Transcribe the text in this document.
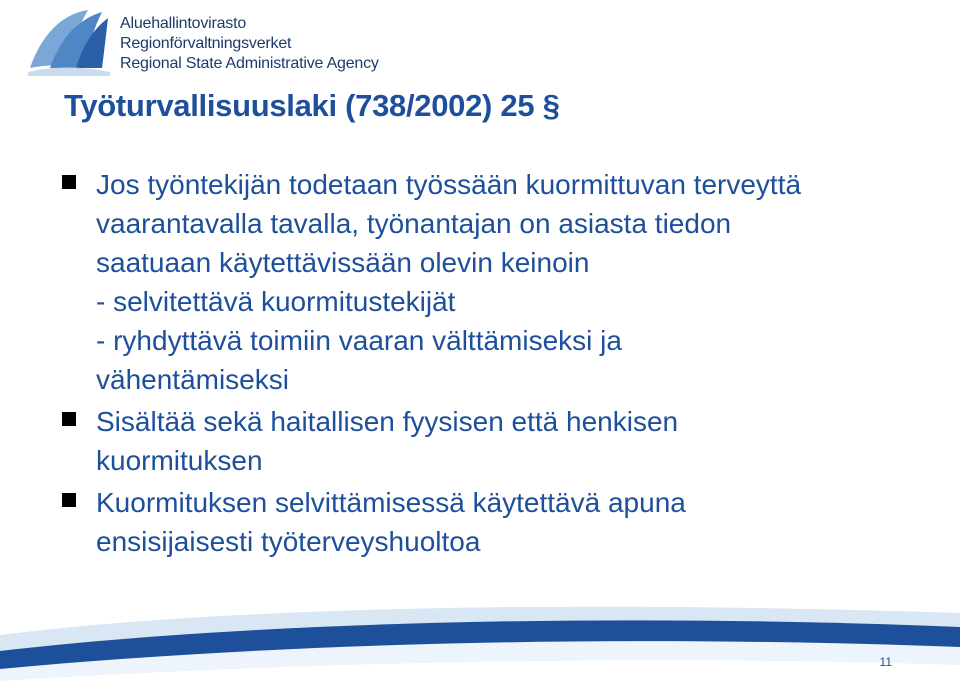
Aluehallintovirasto
Regionförvaltningsverket
Regional State Administrative Agency
Työturvallisuuslaki (738/2002) 25 §
Jos työntekijän todetaan työssään kuormittuvan terveyttä
vaarantavalla tavalla, työnantajan on asiasta tiedon
saatuaan käytettävissään olevin keinoin
- selvitettävä kuormitustekijät
- ryhdyttävä toimiin vaaran välttämiseksi ja
vähentämiseksi
Sisältää sekä haitallisen fyysisen että henkisen
kuormituksen
Kuormituksen selvittämisessä käytettävä apuna
ensisijaisesti työterveyshuoltoa
11
